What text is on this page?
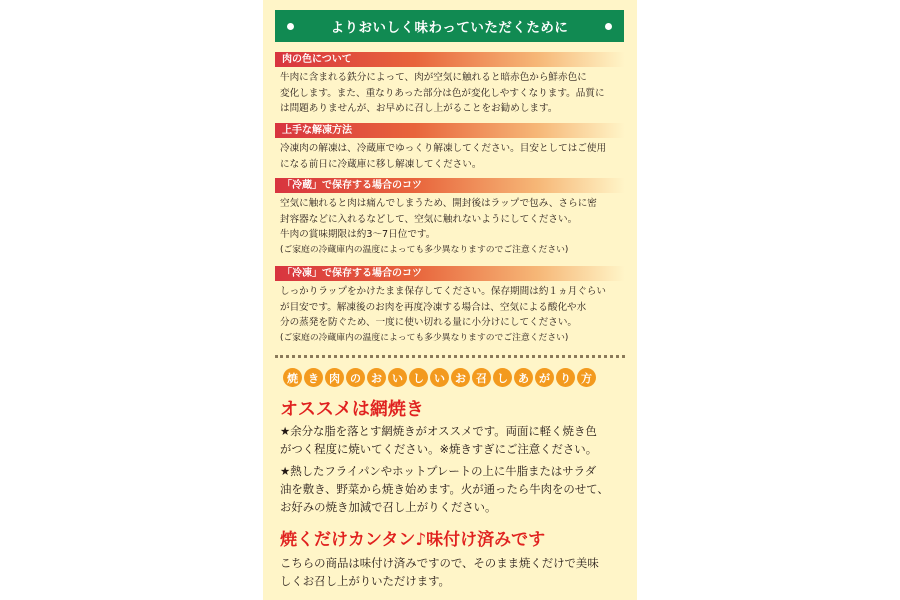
よりおいしく味わっていただくために
肉の色について
牛肉に含まれる鉄分によって、肉が空気に触れると暗赤色から鮮赤色に
変化します。また、重なりあった部分は色が変化しやすくなります。品質に
は問題ありませんが、お早めに召し上がることをお勧めします。
上手な解凍方法
冷凍肉の解凍は、冷蔵庫でゆっくり解凍してください。目安としてはご使用
になる前日に冷蔵庫に移し解凍してください。
「冷蔵」で保存する場合のコツ
空気に触れると肉は痛んでしまうため、開封後はラップで包み、さらに密
封容器などに入れるなどして、空気に触れないようにしてください。
牛肉の賞味期限は約3〜7日位です。
(ご家庭の冷蔵庫内の温度によっても多少異なりますのでご注意ください)
「冷凍」で保存する場合のコツ
しっかりラップをかけたまま保存してください。保存期間は約１ヵ月ぐらい
が目安です。解凍後のお肉を再度冷凍する場合は、空気による酸化や水
分の蒸発を防ぐため、一度に使い切れる量に小分けにしてください。
(ご家庭の冷蔵庫内の温度によっても多少異なりますのでご注意ください)
焼 き 肉 の お い し い お 召 し あ が り 方
オススメは網焼き
★余分な脂を落とす網焼きがオススメです。両面に軽く焼き色
がつく程度に焼いてください。※焼きすぎにご注意ください。
★熱したフライパンやホットプレートの上に牛脂またはサラダ
油を敷き、野菜から焼き始めます。火が通ったら牛肉をのせて、
お好みの焼き加減で召し上がりください。
焼くだけカンタン♪味付け済みです
こちらの商品は味付け済みですので、そのまま焼くだけで美味
しくお召し上がりいただけます。
